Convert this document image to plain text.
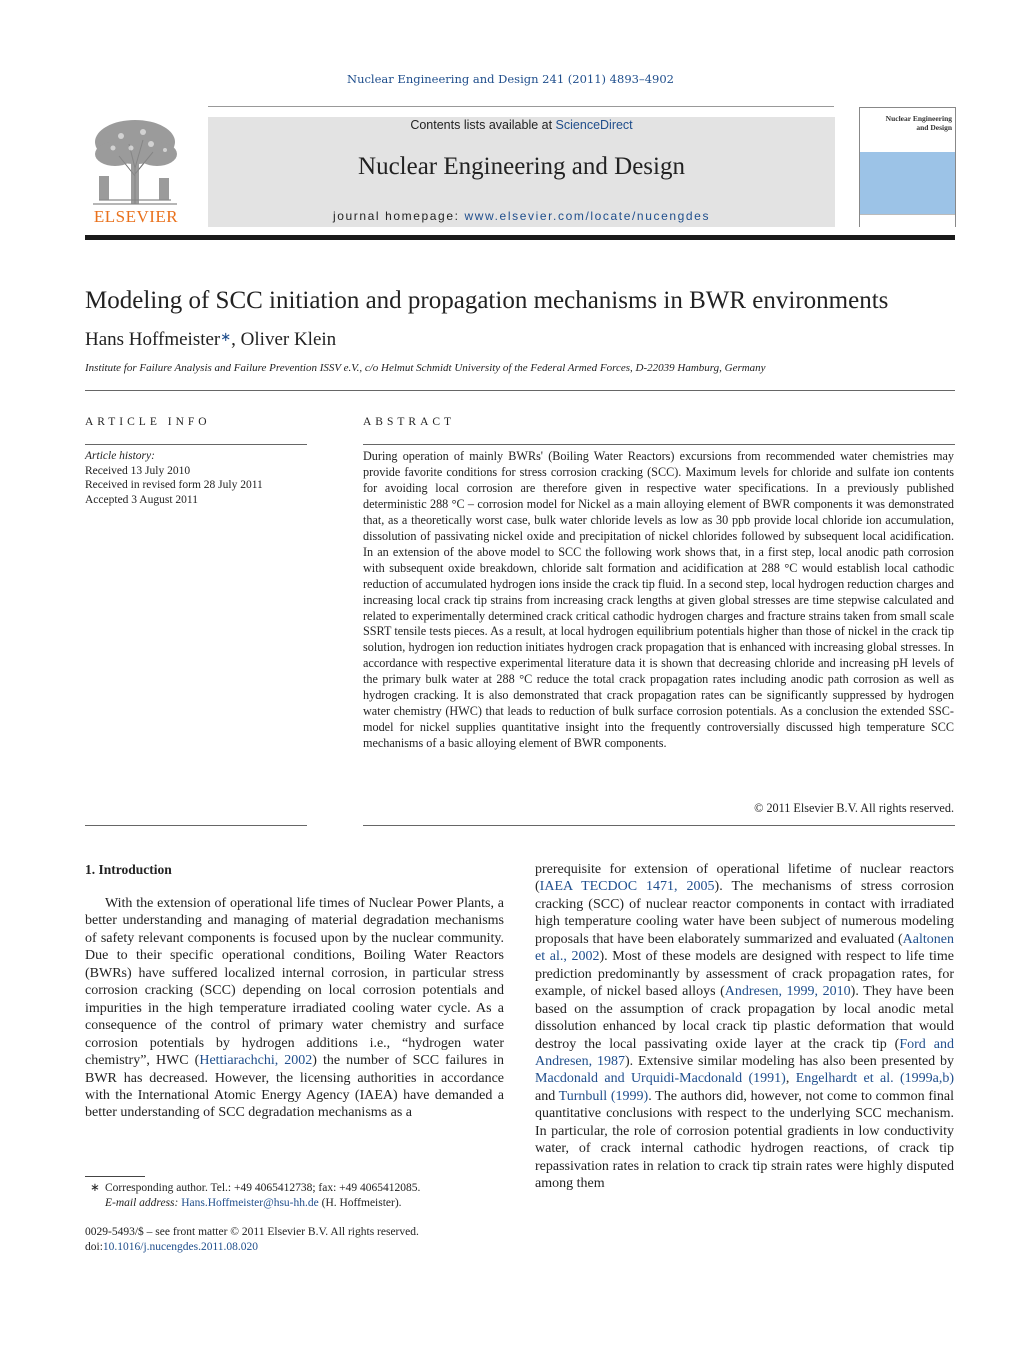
Nuclear Engineering and Design 241 (2011) 4893–4902
ELSEVIER
Contents lists available at ScienceDirect
Nuclear Engineering and Design
journal homepage: www.elsevier.com/locate/nucengdes
Nuclear Engineering and Design
Modeling of SCC initiation and propagation mechanisms in BWR environments
Hans Hoffmeister∗, Oliver Klein
Institute for Failure Analysis and Failure Prevention ISSV e.V., c/o Helmut Schmidt University of the Federal Armed Forces, D-22039 Hamburg, Germany
ARTICLE INFO
Article history:
Received 13 July 2010
Received in revised form 28 July 2011
Accepted 3 August 2011
ABSTRACT
During operation of mainly BWRs' (Boiling Water Reactors) excursions from recommended water chemistries may provide favorite conditions for stress corrosion cracking (SCC). Maximum levels for chloride and sulfate ion contents for avoiding local corrosion are therefore given in respective water specifications. In a previously published deterministic 288 °C – corrosion model for Nickel as a main alloying element of BWR components it was demonstrated that, as a theoretically worst case, bulk water chloride levels as low as 30 ppb provide local chloride ion accumulation, dissolution of passivating nickel oxide and precipitation of nickel chlorides followed by subsequent local acidification. In an extension of the above model to SCC the following work shows that, in a first step, local anodic path corrosion with subsequent oxide breakdown, chloride salt formation and acidification at 288 °C would establish local cathodic reduction of accumulated hydrogen ions inside the crack tip fluid. In a second step, local hydrogen reduction charges and increasing local crack tip strains from increasing crack lengths at given global stresses are time stepwise calculated and related to experimentally determined crack critical cathodic hydrogen charges and fracture strains taken from small scale SSRT tensile tests pieces. As a result, at local hydrogen equilibrium potentials higher than those of nickel in the crack tip solution, hydrogen ion reduction initiates hydrogen crack propagation that is enhanced with increasing global stresses. In accordance with respective experimental literature data it is shown that decreasing chloride and increasing pH levels of the primary bulk water at 288 °C reduce the total crack propagation rates including anodic path corrosion as well as hydrogen cracking. It is also demonstrated that crack propagation rates can be significantly suppressed by hydrogen water chemistry (HWC) that leads to reduction of bulk surface corrosion potentials. As a conclusion the extended SSC-model for nickel supplies quantitative insight into the frequently controversially discussed high temperature SCC mechanisms of a basic alloying element of BWR components.
© 2011 Elsevier B.V. All rights reserved.
1. Introduction

With the extension of operational life times of Nuclear Power Plants, a better understanding and managing of material degradation mechanisms of safety relevant components is focused upon by the nuclear community. Due to their specific operational conditions, Boiling Water Reactors (BWRs) have suffered localized internal corrosion, in particular stress corrosion cracking (SCC) depending on local corrosion potentials and impurities in the high temperature irradiated cooling water cycle. As a consequence of the control of primary water chemistry and surface corrosion potentials by hydrogen additions i.e., “hydrogen water chemistry”, HWC (Hettiarachchi, 2002) the number of SCC failures in BWR has decreased. However, the licensing authorities in accordance with the International Atomic Energy Agency (IAEA) have demanded a better understanding of SCC degradation mechanisms as a

prerequisite for extension of operational lifetime of nuclear reactors (IAEA TECDOC 1471, 2005). The mechanisms of stress corrosion cracking (SCC) of nuclear reactor components in contact with irradiated high temperature cooling water have been subject of numerous modeling proposals that have been elaborately summarized and evaluated (Aaltonen et al., 2002). Most of these models are designed with respect to life time prediction predominantly by assessment of crack propagation rates, for example, of nickel based alloys (Andresen, 1999, 2010). They have been based on the assumption of crack propagation by local anodic metal dissolution enhanced by local crack tip plastic deformation that would destroy the local passivating oxide layer at the crack tip (Ford and Andresen, 1987). Extensive similar modeling has also been presented by Macdonald and Urquidi-Macdonald (1991), Engelhardt et al. (1999a,b) and Turnbull (1999). The authors did, however, not come to common final quantitative conclusions with respect to the underlying SCC mechanism. In particular, the role of corrosion potential gradients in low conductivity water, of crack internal cathodic hydrogen reactions, of crack tip repassivation rates in relation to crack tip strain rates were highly disputed among them

∗ Corresponding author. Tel.: +49 4065412738; fax: +49 4065412085.
E-mail address: Hans.Hoffmeister@hsu-hh.de (H. Hoffmeister).
0029-5493/$ – see front matter © 2011 Elsevier B.V. All rights reserved.
doi:10.1016/j.nucengdes.2011.08.020
